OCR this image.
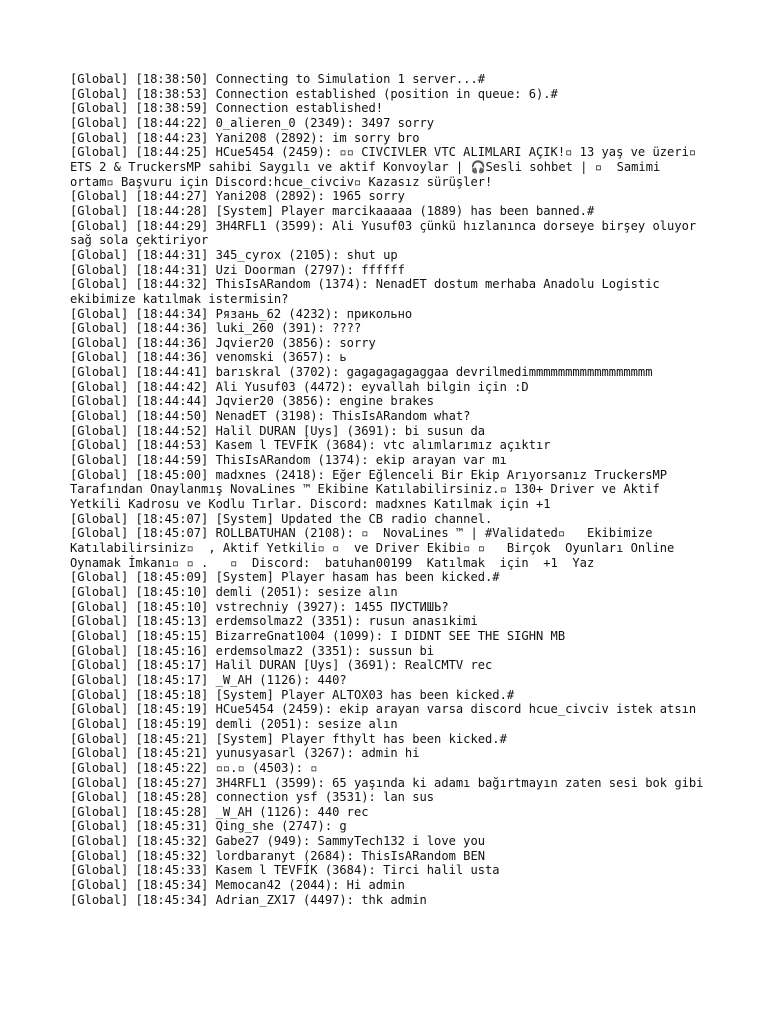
[Global] [18:38:50] Connecting to Simulation 1 server...#

[Global] [18:38:53] Connection established (position in queue: 6).#

[Global] [18:38:59] Connection established!

[Global] [18:44:22] 0_alieren_0 (2349): 3497 sorry

[Global] [18:44:23] Yani208 (2892): im sorry bro

[Global] [18:44:25] HCue5454 (2459): ▫▫ CIVCIVLER VTC ALIMLARI AÇIK!▫ 13 yaş ve üzeri▫ ETS 2 & TruckersMP sahibi Saygılı ve aktif Konvoylar | 🎧Sesli sohbet | ▫  Samimi ortam▫ Başvuru için Discord:hcue_civciv▫ Kazasız sürüşler!

[Global] [18:44:27] Yani208 (2892): 1965 sorry

[Global] [18:44:28] [System] Player marcikaaaaa (1889) has been banned.#

[Global] [18:44:29] 3H4RFL1 (3599): Ali Yusuf03 çünkü hızlanınca dorseye birşey oluyor sağ sola çektiriyor

[Global] [18:44:31] 345_cyrox (2105): shut up

[Global] [18:44:31] Uzi Doorman (2797): ffffff

[Global] [18:44:32] ThisIsARandom (1374): NenadET dostum merhaba Anadolu Logistic ekibimize katılmak istermisin?

[Global] [18:44:34] Рязань_62 (4232): прикольно

[Global] [18:44:36] luki_260 (391): ????

[Global] [18:44:36] Jqvier20 (3856): sorry

[Global] [18:44:36] venomski (3657): ь

[Global] [18:44:41] barıskral (3702): gagagagagaggaa devrilmedimmmmmmmmmmmmmmmmm

[Global] [18:44:42] Ali Yusuf03 (4472): eyvallah bilgin için :D

[Global] [18:44:44] Jqvier20 (3856): engine brakes

[Global] [18:44:50] NenadET (3198): ThisIsARandom what?

[Global] [18:44:52] Halil DURAN [Uys] (3691): bi susun da

[Global] [18:44:53] Kasem l TEVFİK (3684): vtc alımlarımız açıktır

[Global] [18:44:59] ThisIsARandom (1374): ekip arayan var mı

[Global] [18:45:00] madxnes (2418): Eğer Eğlenceli Bir Ekip Arıyorsanız TruckersMP Tarafından Onaylanmış NovaLines ™ Ekibine Katılabilirsiniz.▫ 130+ Driver ve Aktif Yetkili Kadrosu ve Kodlu Tırlar. Discord: madxnes Katılmak için +1

[Global] [18:45:07] [System] Updated the CB radio channel.

[Global] [18:45:07] ROLLBATUHAN (2108): ▫  NovaLines ™ | #Validated▫   Ekibimize Katılabilirsiniz▫  , Aktif Yetkili▫ ▫  ve Driver Ekibi▫ ▫   Birçok  Oyunları Online  Oynamak İmkanı▫ ▫ .   ▫  Discord:  batuhan00199  Katılmak  için  +1  Yaz

[Global] [18:45:09] [System] Player hasam has been kicked.#

[Global] [18:45:10] demli (2051): sesize alın

[Global] [18:45:10] vstrechniy (3927): 1455 ПУСТИШЬ?

[Global] [18:45:13] erdemsolmaz2 (3351): rusun anasıkimi

[Global] [18:45:15] BizarreGnat1004 (1099): I DIDNT SEE THE SIGHN MB

[Global] [18:45:16] erdemsolmaz2 (3351): sussun bi

[Global] [18:45:17] Halil DURAN [Uys] (3691): RealCMTV rec

[Global] [18:45:17] _W_AH (1126): 440?

[Global] [18:45:18] [System] Player ALTOX03 has been kicked.#

[Global] [18:45:19] HCue5454 (2459): ekip arayan varsa discord hcue_civciv istek atsın

[Global] [18:45:19] demli (2051): sesize alın

[Global] [18:45:21] [System] Player fthylt has been kicked.#

[Global] [18:45:21] yunusyasarl (3267): admin hi

[Global] [18:45:22] ▫▫.▫ (4503): ▫

[Global] [18:45:27] 3H4RFL1 (3599): 65 yaşında ki adamı bağırtmayın zaten sesi bok gibi

[Global] [18:45:28] connection ysf (3531): lan sus

[Global] [18:45:28] _W_AH (1126): 440 rec

[Global] [18:45:31] Qing_she (2747): g

[Global] [18:45:32] Gabe27 (949): SammyTech132 i love you

[Global] [18:45:32] lordbaranyt (2684): ThisIsARandom BEN

[Global] [18:45:33] Kasem l TEVFİK (3684): Tirci halil usta

[Global] [18:45:34] Memocan42 (2044): Hi admin

[Global] [18:45:34] Adrian_ZX17 (4497): thk admin
